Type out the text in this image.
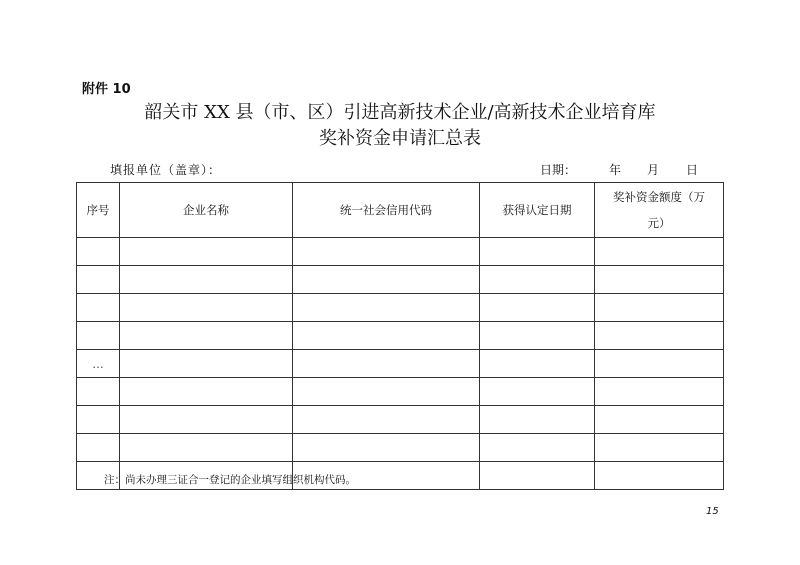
附件 10
韶关市 XX 县（市、区）引进高新技术企业/高新技术企业培育库
奖补资金申请汇总表
填报单位（盖章）：	日期：	年 月 日
序号	企业名称	统一社会信用代码	获得认定日期	奖补资金额度（万
元）

…				

注：尚未办理三证合一登记的企业填写组织机构代码。
15
